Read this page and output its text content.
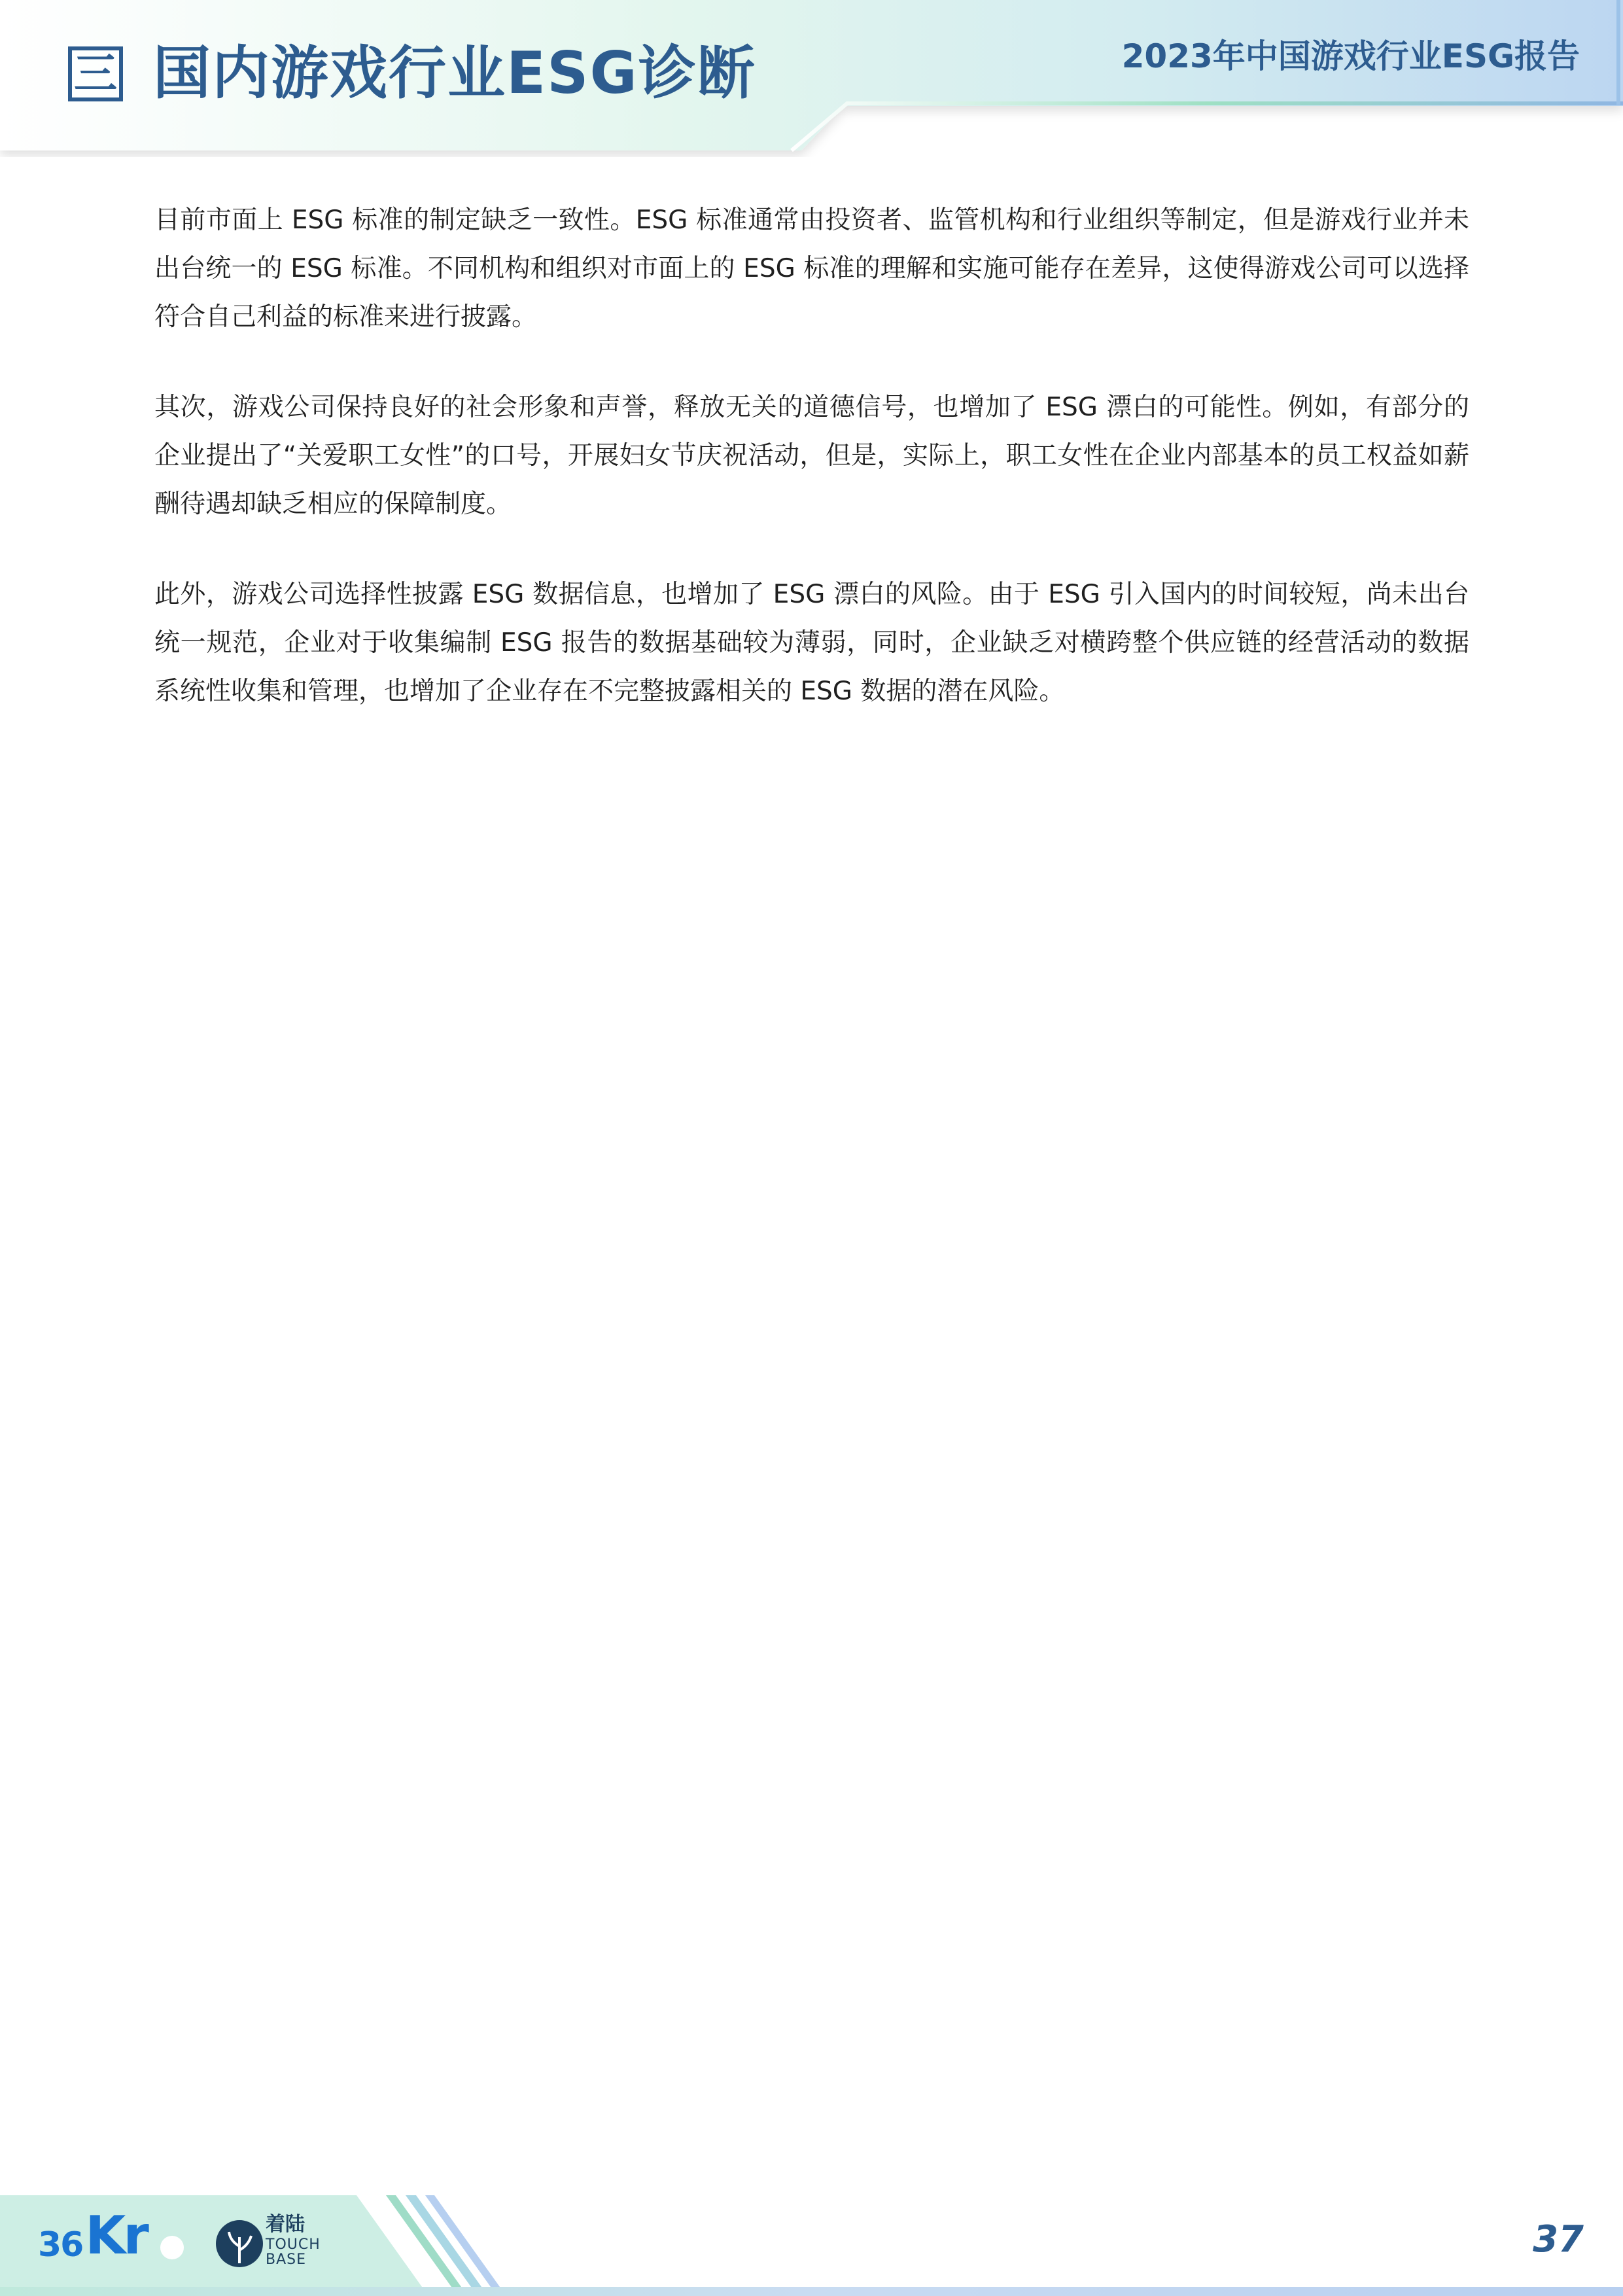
三 国内游戏行业ESG诊断	2023年中国游戏行业ESG报告

目前市面上 ESG 标准的制定缺乏一致性。ESG 标准通常由投资者、监管机构和行业组织等制定，但是游戏行业并未出台统一的 ESG 标准。不同机构和组织对市面上的 ESG 标准的理解和实施可能存在差异，这使得游戏公司可以选择符合自己利益的标准来进行披露。

其次，游戏公司保持良好的社会形象和声誉，释放无关的道德信号，也增加了 ESG 漂白的可能性。例如，有部分的企业提出了“关爱职工女性”的口号，开展妇女节庆祝活动，但是，实际上，职工女性在企业内部基本的员工权益如薪酬待遇却缺乏相应的保障制度。

此外，游戏公司选择性披露 ESG 数据信息，也增加了 ESG 漂白的风险。由于 ESG 引入国内的时间较短，尚未出台统一规范，企业对于收集编制 ESG 报告的数据基础较为薄弱，同时，企业缺乏对横跨整个供应链的经营活动的数据系统性收集和管理，也增加了企业存在不完整披露相关的 ESG 数据的潜在风险。

36 Kr	着陆
TOUCH
BASE	37
